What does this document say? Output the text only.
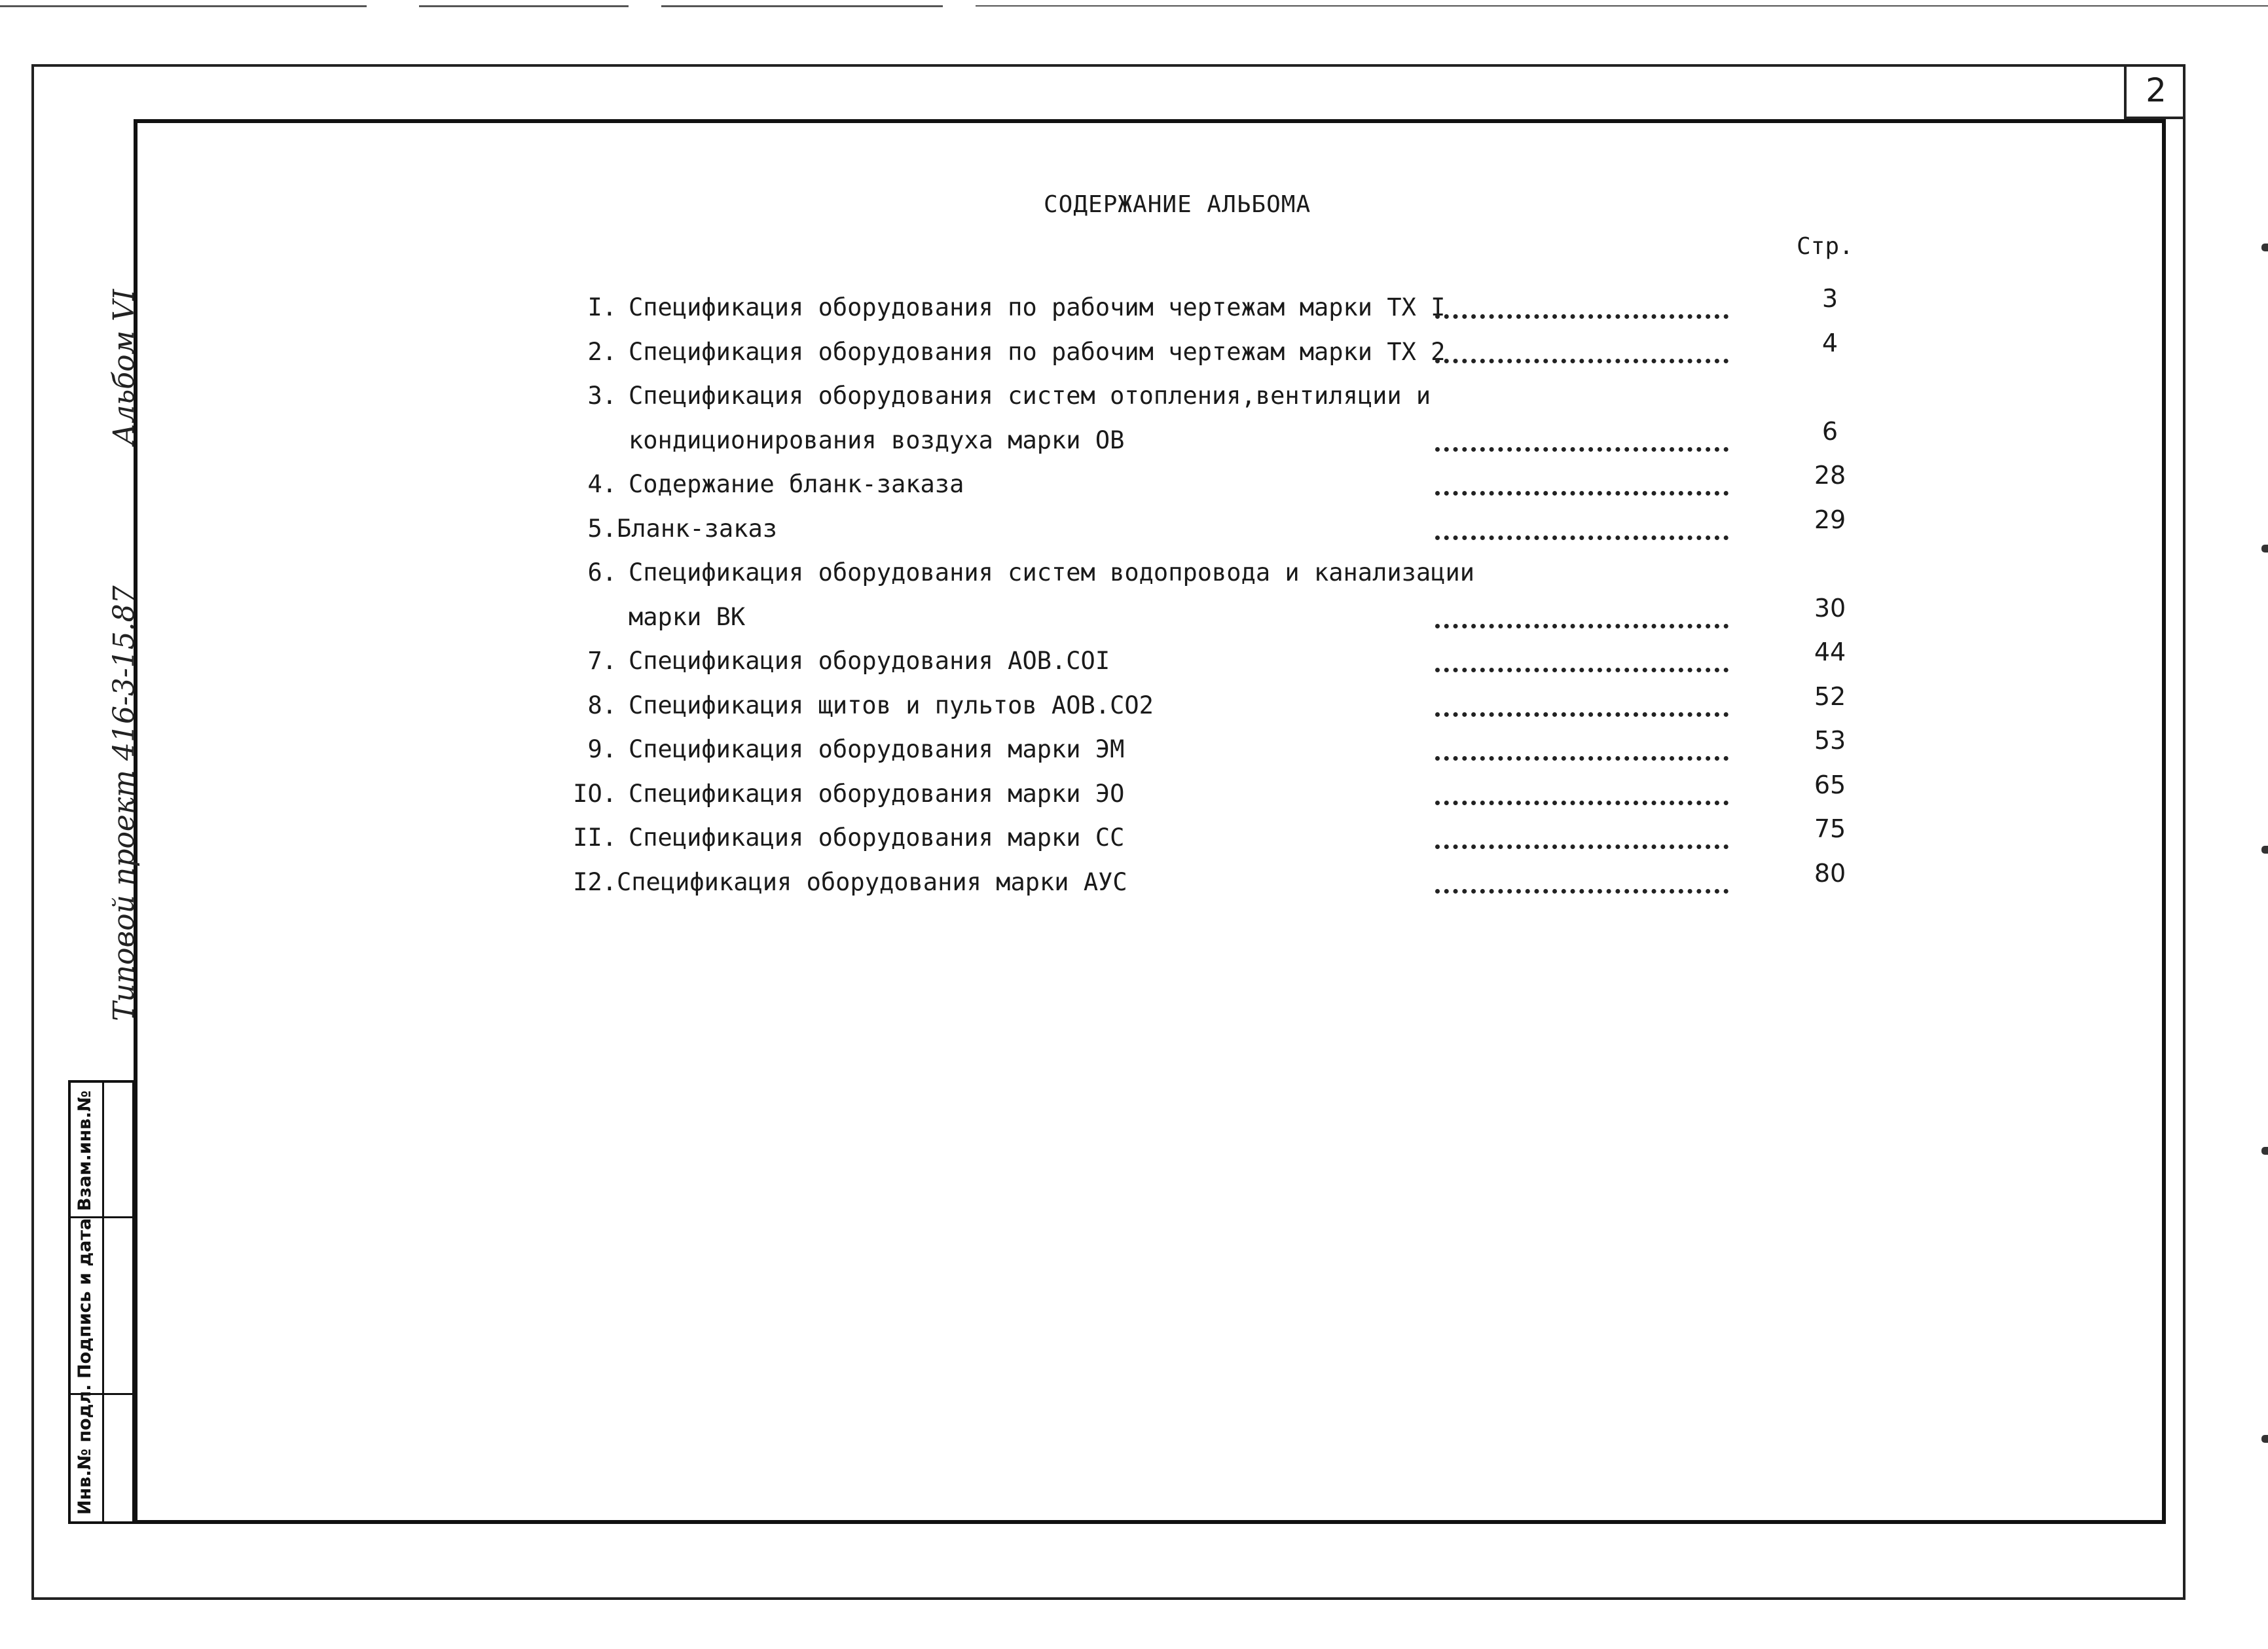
2
Альбом VI
Типовой проект 416-3-15.87
Взам.инв.№
Подпись и дата
Инв.№ подл.
СОДЕРЖАНИЕ АЛЬБОМА
Стр.
I. Спецификация оборудования по рабочим чертежам марки ТХ I	3
2. Спецификация оборудования по рабочим чертежам марки ТХ 2	4
3. Спецификация оборудования систем отопления,вентиляции и
кондиционирования воздуха марки ОВ	6
4. Содержание бланк-заказа	28
5. Бланк-заказ	29
6. Спецификация оборудования систем водопровода и канализации
марки ВК	30
7. Спецификация оборудования АОВ.СОI	44
8. Спецификация щитов и пультов АОВ.СО2	52
9. Спецификация оборудования марки ЭМ	53
IO. Спецификация оборудования марки ЭО	65
II. Спецификация оборудования марки СС	75
I2. Спецификация оборудования марки АУС	80
